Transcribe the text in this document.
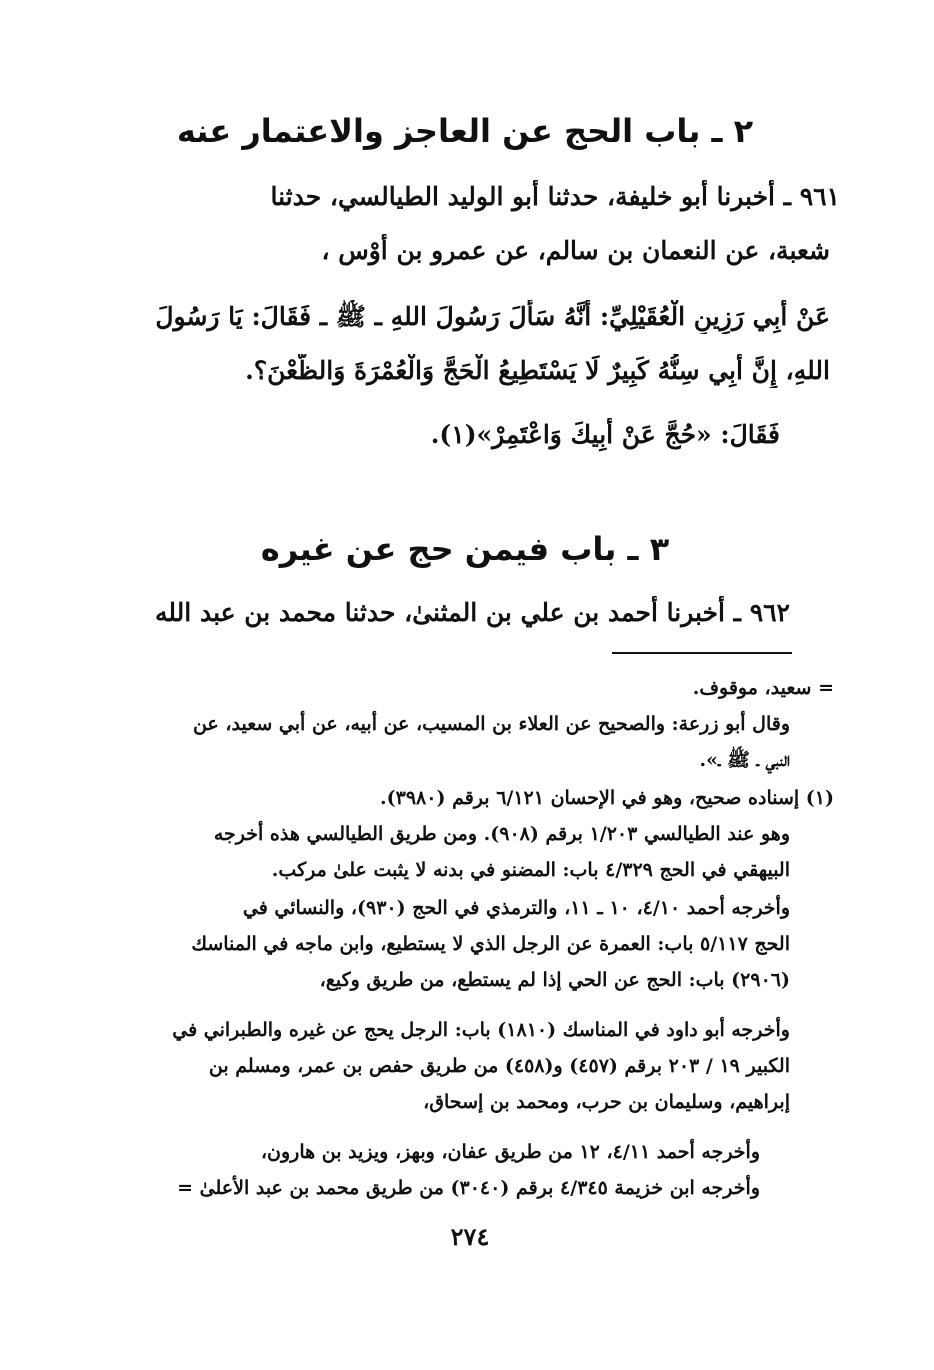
٢ ـ باب الحج عن العاجز والاعتمار عنه
٩٦١ ـ أخبرنا أبو خليفة، حدثنا أبو الوليد الطيالسي، حدثنا
شعبة، عن النعمان بن سالم، عن عمرو بن أَوْس ،
عَنْ أَبِي رَزِينٍ الْعُقَيْلِيِّ: أَنَّهُ سَأَلَ رَسُولَ اللهِ ـ ﷺ ـ فَقَالَ: يَا رَسُولَ
اللهِ، إِنَّ أَبِي سِنُّهُ كَبِيرٌ لَا يَسْتَطِيعُ الْحَجَّ وَالْعُمْرَةَ وَالظَّعْنَ؟.
فَقَالَ: «حُجَّ عَنْ أَبِيكَ وَاعْتَمِرْ»(١).
٣ ـ باب فيمن حج عن غيره
٩٦٢ ـ أخبرنا أحمد بن علي بن المثنىٰ، حدثنا محمد بن عبد الله
= سعيد، موقوف.
وقال أبو زرعة: والصحيح عن العلاء بن المسيب، عن أبيه، عن أبي سعيد، عن
النبي ـ ﷺ ـ».
(١) إسناده صحيح، وهو في الإحسان ٦/١٢١ برقم (٣٩٨٠).
وهو عند الطيالسي ١/٢٠٣ برقم (٩٠٨). ومن طريق الطيالسي هذه أخرجه
البيهقي في الحج ٤/٣٢٩ باب: المضنو في بدنه لا يثبت علىٰ مركب.
وأخرجه أحمد ٤/١٠، ١٠ ـ ١١، والترمذي في الحج (٩٣٠)، والنسائي في
الحج ٥/١١٧ باب: العمرة عن الرجل الذي لا يستطيع، وابن ماجه في المناسك
(٢٩٠٦) باب: الحج عن الحي إذا لم يستطع، من طريق وكيع،
وأخرجه أبو داود في المناسك (١٨١٠) باب: الرجل يحج عن غيره والطبراني في
الكبير ١٩ / ٢٠٣ برقم (٤٥٧) و(٤٥٨) من طريق حفص بن عمر، ومسلم بن
إبراهيم، وسليمان بن حرب، ومحمد بن إسحاق،
وأخرجه أحمد ٤/١١، ١٢ من طريق عفان، وبهز، ويزيد بن هارون،
وأخرجه ابن خزيمة ٤/٣٤٥ برقم (٣٠٤٠) من طريق محمد بن عبد الأعلىٰ =
٢٧٤
